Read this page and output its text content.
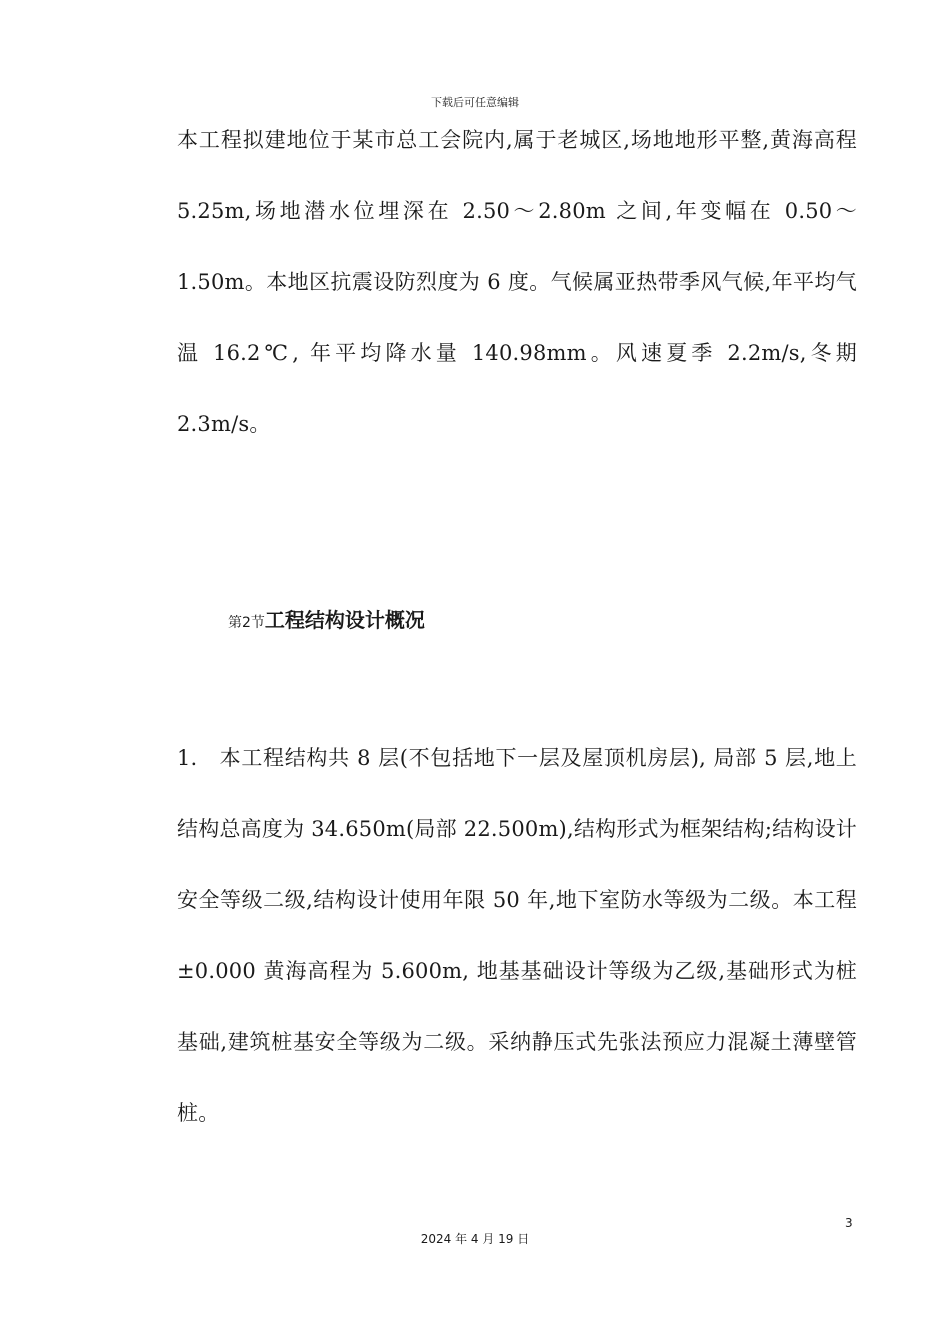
下载后可任意编辑
本工程拟建地位于某市总工会院内,属于老城区,场地地形平整,黄海高程 5.25m,场地潜水位埋深在 2.50～2.80m 之间,年变幅在 0.50～1.50m。本地区抗震设防烈度为 6 度。气候属亚热带季风气候,年平均气温 16.2℃, 年平均降水量 140.98mm。风速夏季 2.2m/s,冬期 2.3m/s。
第2节工程结构设计概况
1.　本工程结构共 8 层(不包括地下一层及屋顶机房层), 局部 5 层,地上结构总高度为 34.650m(局部 22.500m),结构形式为框架结构;结构设计安全等级二级,结构设计使用年限 50 年,地下室防水等级为二级。本工程±0.000 黄海高程为 5.600m, 地基基础设计等级为乙级,基础形式为桩基础,建筑桩基安全等级为二级。采纳静压式先张法预应力混凝土薄壁管桩。
3
2024 年 4 月 19 日
